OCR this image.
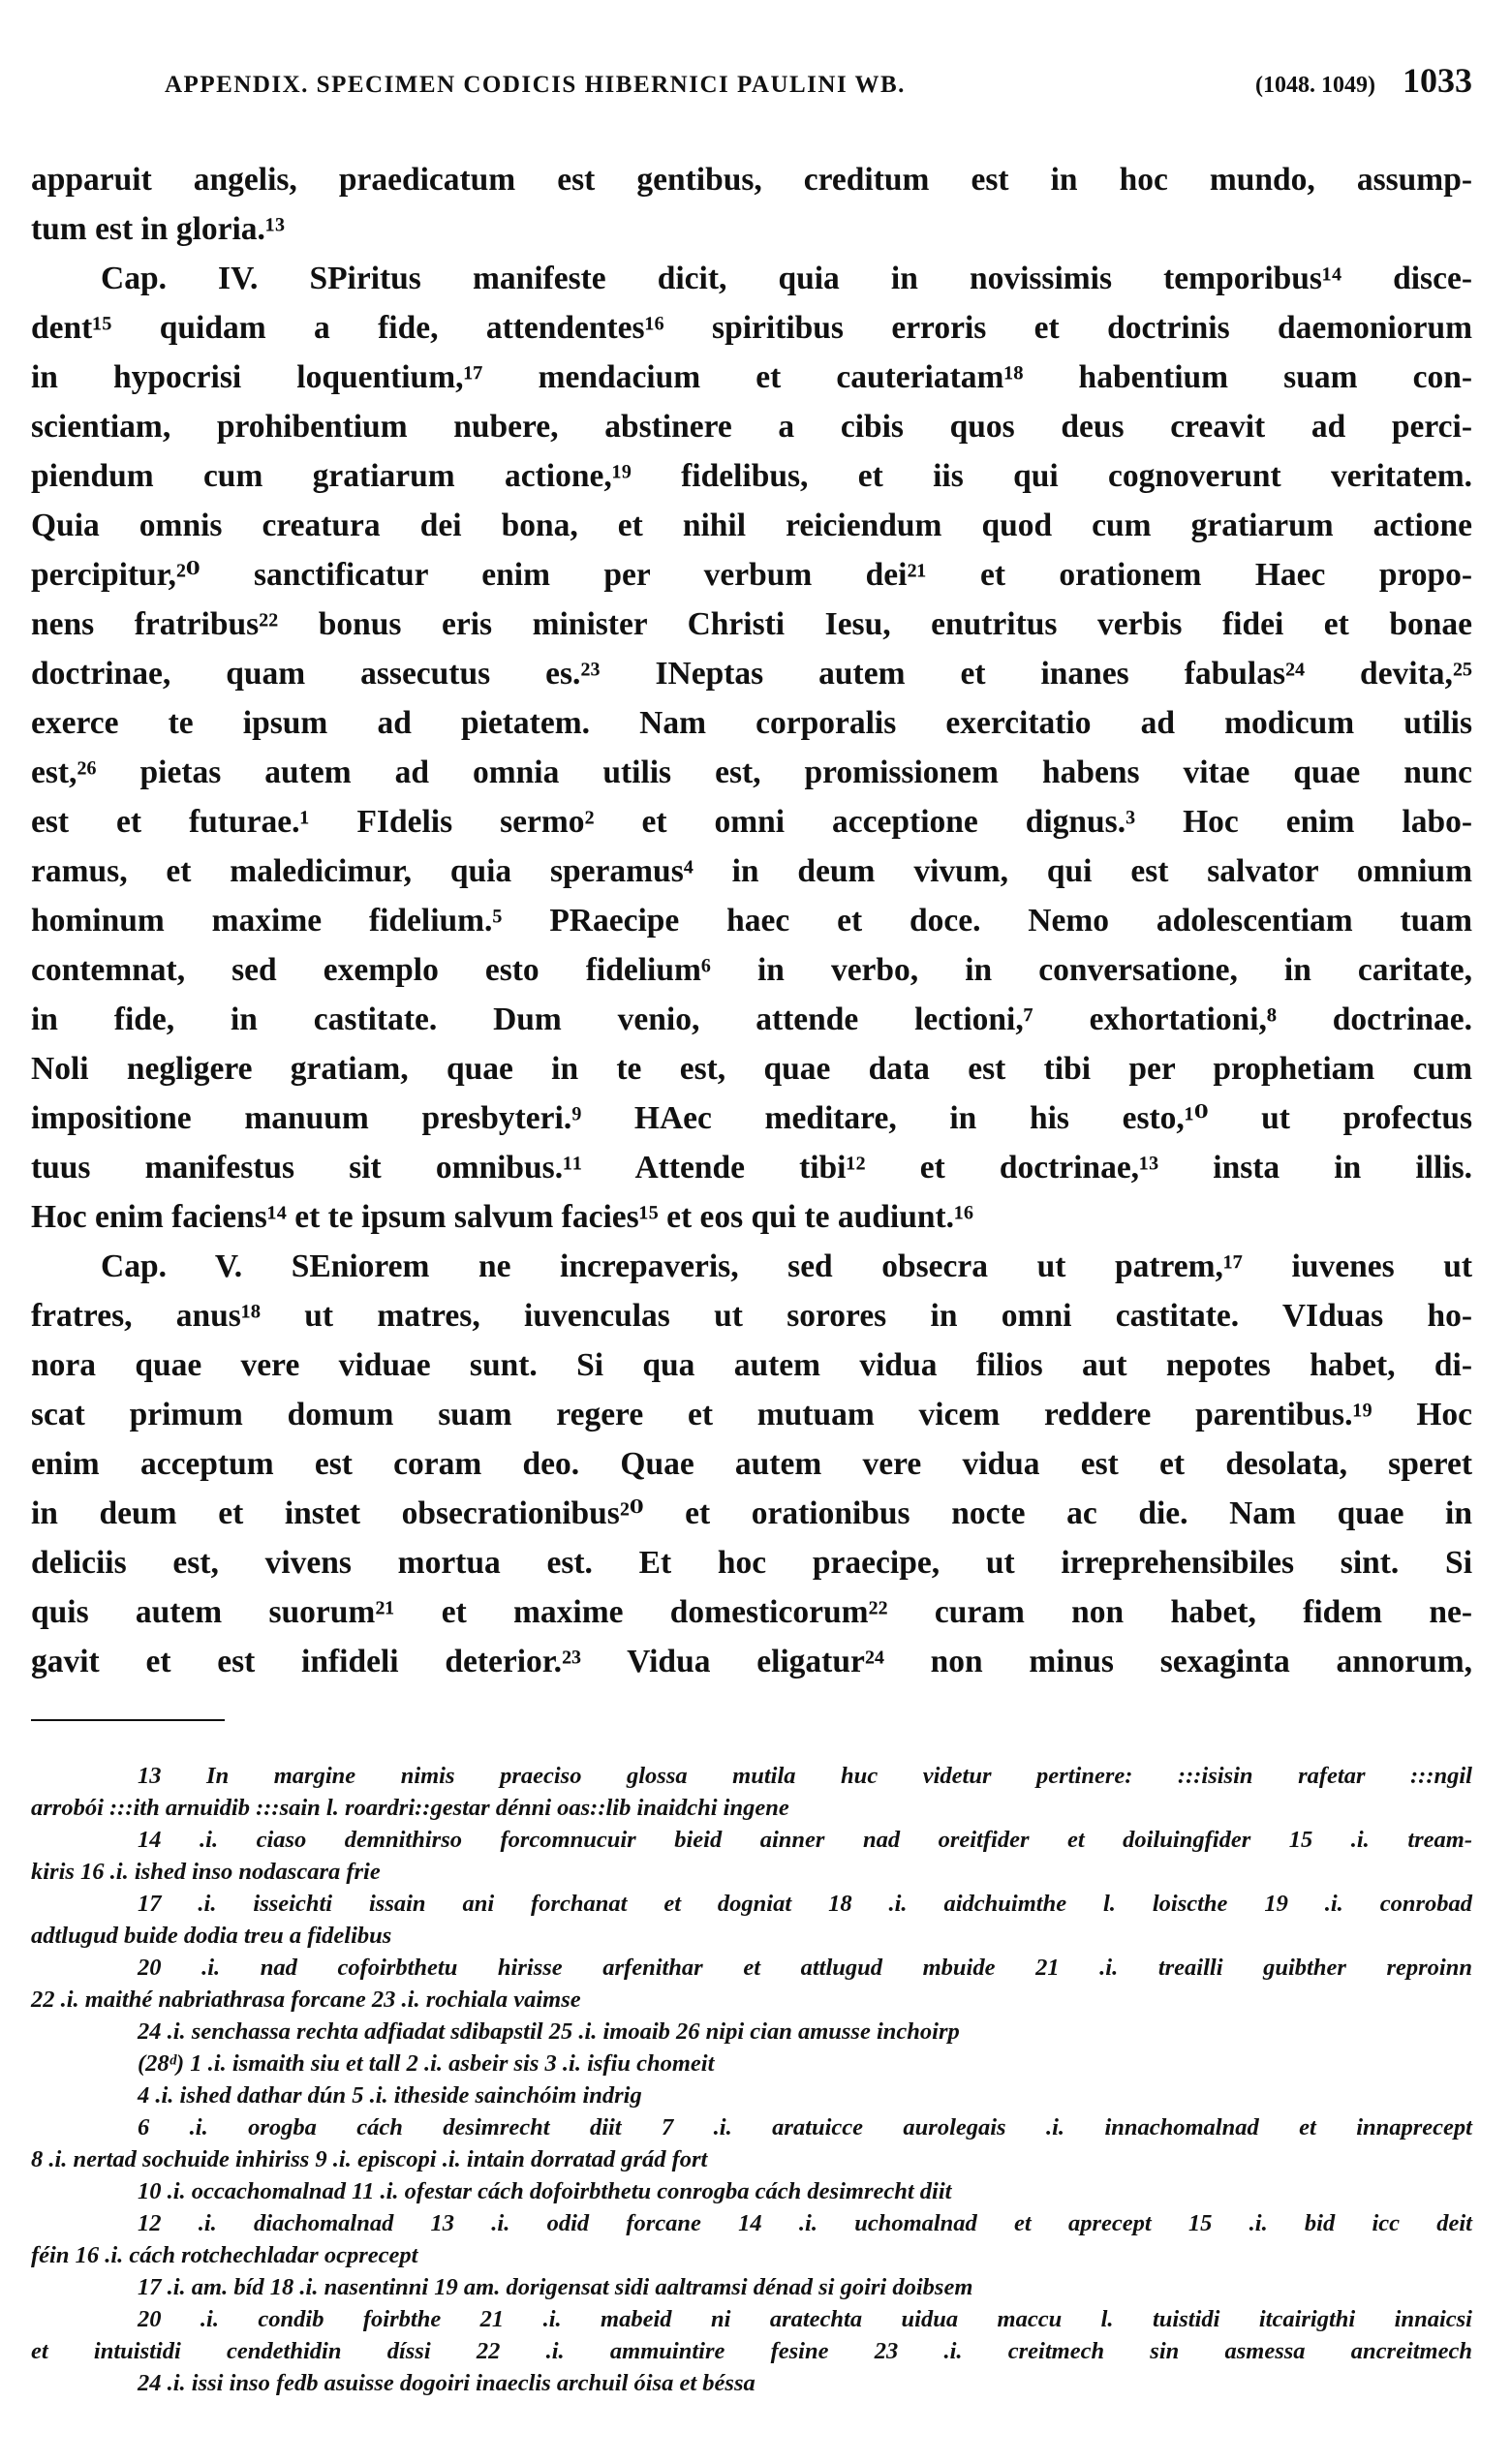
APPENDIX. SPECIMEN CODICIS HIBERNICI PAULINI WB.	(1048. 1049) 1033
apparuit angelis, praedicatum est gentibus, creditum est in hoc mundo, assump-
tum est in gloria.¹³
Cap. IV. SPiritus manifeste dicit, quia in novissimis temporibus¹⁴ disce-
dent¹⁵ quidam a fide, attendentes¹⁶ spiritibus erroris et doctrinis daemoniorum
in hypocrisi loquentium,¹⁷ mendacium et cauteriatam¹⁸ habentium suam con-
scientiam, prohibentium nubere, abstinere a cibis quos deus creavit ad perci-
piendum cum gratiarum actione,¹⁹ fidelibus, et iis qui cognoverunt veritatem.
Quia omnis creatura dei bona, et nihil reiciendum quod cum gratiarum actione
percipitur,²⁰ sanctificatur enim per verbum dei²¹ et orationem Haec propo-
nens fratribus²² bonus eris minister Christi Iesu, enutritus verbis fidei et bonae
doctrinae, quam assecutus es.²³ INeptas autem et inanes fabulas²⁴ devita,²⁵
exerce te ipsum ad pietatem. Nam corporalis exercitatio ad modicum utilis
est,²⁶ pietas autem ad omnia utilis est, promissionem habens vitae quae nunc
est et futurae.¹ FIdelis sermo² et omni acceptione dignus.³ Hoc enim labo-
ramus, et maledicimur, quia speramus⁴ in deum vivum, qui est salvator omnium
hominum maxime fidelium.⁵ PRaecipe haec et doce. Nemo adolescentiam tuam
contemnat, sed exemplo esto fidelium⁶ in verbo, in conversatione, in caritate,
in fide, in castitate. Dum venio, attende lectioni,⁷ exhortationi,⁸ doctrinae.
Noli negligere gratiam, quae in te est, quae data est tibi per prophetiam cum
impositione manuum presbyteri.⁹ HAec meditare, in his esto,¹⁰ ut profectus
tuus manifestus sit omnibus.¹¹ Attende tibi¹² et doctrinae,¹³ insta in illis.
Hoc enim faciens¹⁴ et te ipsum salvum facies¹⁵ et eos qui te audiunt.¹⁶
Cap. V. SEniorem ne increpaveris, sed obsecra ut patrem,¹⁷ iuvenes ut
fratres, anus¹⁸ ut matres, iuvenculas ut sorores in omni castitate. VIduas ho-
nora quae vere viduae sunt. Si qua autem vidua filios aut nepotes habet, di-
scat primum domum suam regere et mutuam vicem reddere parentibus.¹⁹ Hoc
enim acceptum est coram deo. Quae autem vere vidua est et desolata, speret
in deum et instet obsecrationibus²⁰ et orationibus nocte ac die. Nam quae in
deliciis est, vivens mortua est. Et hoc praecipe, ut irreprehensibiles sint. Si
quis autem suorum²¹ et maxime domesticorum²² curam non habet, fidem ne-
gavit et est infideli deterior.²³ Vidua eligatur²⁴ non minus sexaginta annorum,
13 In margine nimis praeciso glossa mutila huc videtur pertinere: :::isisin rafetar :::ngil
arrobói :::ith arnuidib :::sain l. roardri::gestar dénni oas::lib inaidchi ingene
14 .i. ciaso demnithirso forcomnucuir bieid ainner nad oreitfider et doiluingfider 15 .i. tream-
kiris 16 .i. ished inso nodascara frie
17 .i. isseichti issain ani forchanat et dogniat 18 .i. aidchuimthe l. loiscthe 19 .i. conrobad
adtlugud buide dodia treu a fidelibus
20 .i. nad cofoirbthetu hirisse arfenithar et attlugud mbuide 21 .i. treailli guibther reproinn
22 .i. maithé nabriathrasa forcane 23 .i. rochiala vaimse
24 .i. senchassa rechta adfiadat sdibapstil 25 .i. imoaib 26 nipi cian amusse inchoirp
(28ᵈ) 1 .i. ismaith siu et tall 2 .i. asbeir sis 3 .i. isfiu chomeit
4 .i. ished dathar dún 5 .i. itheside sainchóim indrig
6 .i. orogba cách desimrecht diit 7 .i. aratuicce aurolegais .i. innachomalnad et innaprecept
8 .i. nertad sochuide inhiriss 9 .i. episcopi .i. intain dorratad grád fort
10 .i. occachomalnad 11 .i. ofestar cách dofoirbthetu conrogba cách desimrecht diit
12 .i. diachomalnad 13 .i. odid forcane 14 .i. uchomalnad et aprecept 15 .i. bid icc deit
féin 16 .i. cách rotchechladar ocprecept
17 .i. am. bíd 18 .i. nasentinni 19 am. dorigensat sidi aaltramsi dénad si goiri doibsem
20 .i. condib foirbthe 21 .i. mabeid ni aratechta uidua maccu l. tuistidi itcairigthi innaicsi
et intuistidi cendethidin díssi 22 .i. ammuintire fesine 23 .i. creitmech sin asmessa ancreitmech
24 .i. issi inso fedb asuisse dogoiri inaeclis archuil óisa et béssa
